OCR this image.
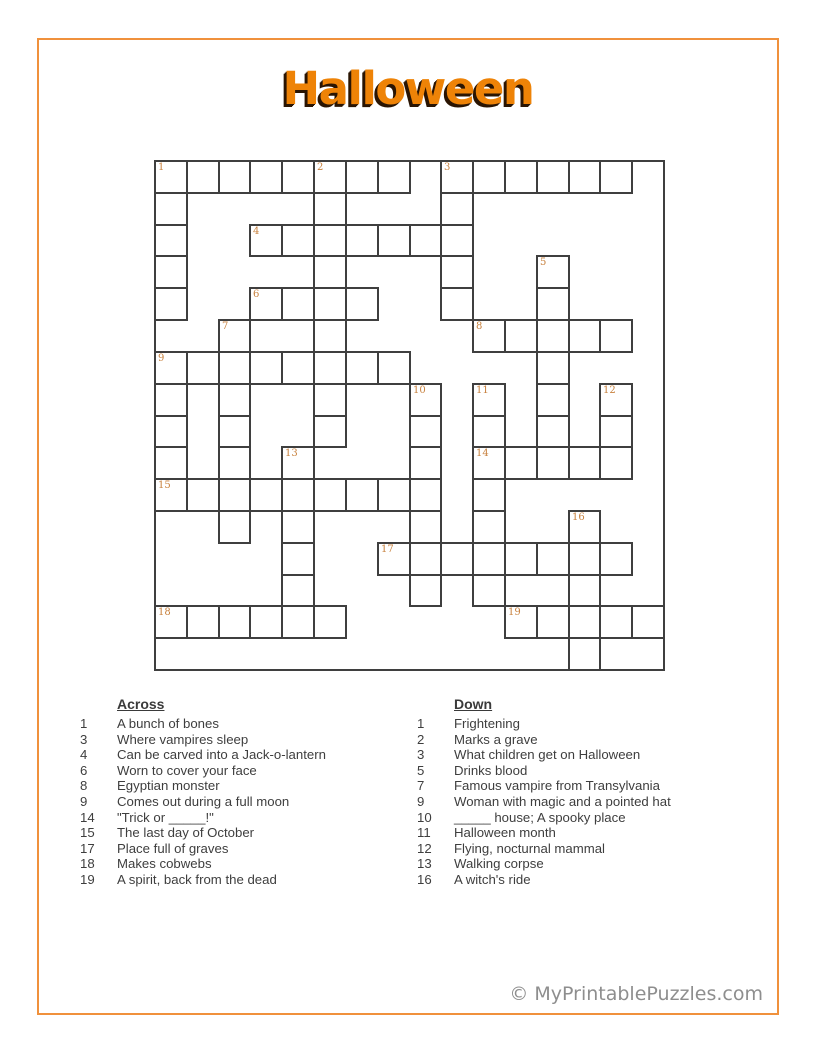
Halloween
1	2	3
4
5
6
7	8
9
10	11	12
13	14
15
16
17
18	19

Across

1	A bunch of bones
3	Where vampires sleep
4	Can be carved into a Jack-o-lantern
6	Worn to cover your face
8	Egyptian monster
9	Comes out during a full moon
14	"Trick or _____!"
15	The last day of October
17	Place full of graves
18	Makes cobwebs
19	A spirit, back from the dead

Down

1	Frightening
2	Marks a grave
3	What children get on Halloween
5	Drinks blood
7	Famous vampire from Transylvania
9	Woman with magic and a pointed hat
10	_____ house; A spooky place
11	Halloween month
12	Flying, nocturnal mammal
13	Walking corpse
16	A witch's ride
© MyPrintablePuzzles.com
